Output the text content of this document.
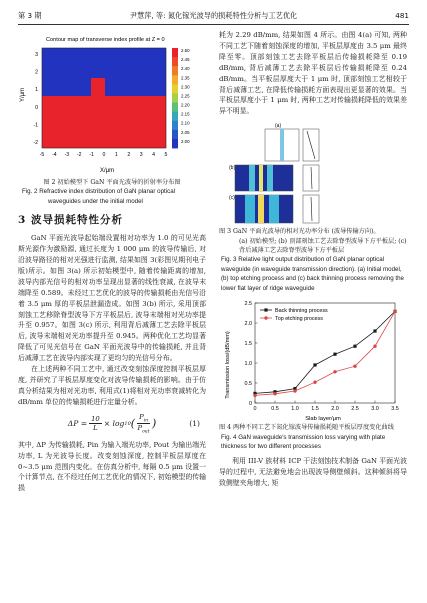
第 3 期	尹慧萍, 等: 氮化镓光波导的损耗特性分析与工艺优化	481
2.50
2.45
2.40
2.35
2.30
2.25
2.20
2.15
2.10
2.05
2.00
Contour map of transverse index profile at Z = 0
Y/μm
X/μm
-5 -4 -3 -2 -1 0 1 2 3 4 5
3
2
1
0
-1
-2
图 2 初始模型下 GaN 平面光波导的折射率分布图
Fig. 2 Refractive index distribution of GaN planar optical
waveguides under the initial model
3 波导损耗特性分析

GaN 平面光波导起始端设置相对功率为 1.0 的可见光高斯光源作为激励源, 通过长度为 1 000 μm 的波导传输后, 对沿波导路径的相对光强进行监测, 结果如图 3(彩图见期刊电子版)所示。如图 3(a) 所示初始模型中, 随着传输距离的增加, 波导内部光信号的相对功率呈现出显著的线性衰减, 在波导末端降至 0.589。未经过工艺优化的波导的传输损耗由光信号沿着 3.5 μm 厚的平板层泄漏造成。如图 3(b) 所示, 采用顶部刻蚀工艺移除脊型波导下方平板层后, 波导末端相对光功率提升至 0.957。如图 3(c) 所示, 利用背后减薄工艺去除平板层后, 波导末端相对光功率提升至 0.945。两种优化工艺均显著降低了可见光信号在 GaN 平面光波导中的传输损耗, 并且背后减薄工艺在波导内部实现了更均匀的光信号分布。

在上述两种不同工艺中, 通过改变刻蚀深度控制平板层厚度, 并研究了平板层厚度变化对波导传输损耗的影响。由于仿真分析结果为相对光功率, 利用式(1)将相对光功率衰减转化为 dB/mm 单位的传输损耗进行定量分析。

$\Delta P = \frac{10}{L} \times \log 10$ ( $\frac{P_{in}}{P_{out}}$ )	(1)

其中, ΔP 为传输损耗, Pin 为输入端光功率, Pout 为输出端光功率, L 为光波导长度。改变刻蚀深度, 控制平板层厚度在 0~3.5 μm 范围内变化。在仿真分析中, 每隔 0.5 μm 设置一个计算节点, 在不经过任何工艺优化的情况下, 初始模型的传输损

耗为 2.29 dB/mm, 结果如图 4 所示。由图 4(a) 可知, 两种不同工艺下随着刻蚀深度的增加, 平板层厚度由 3.5 μm 最终降至零。顶部刻蚀工艺去除平板层后传输损耗降至 0.19 dB/mm, 背后减薄工艺去除平板层后传输损耗降至 0.24 dB/mm。当平板层厚度大于 1 μm 时, 顶部刻蚀工艺相较于背后减薄工艺, 在降低传输损耗方面表现出更显著的效果。当平板层厚度小于 1 μm 时, 两种工艺对传输损耗降低的效果差异不明显。

(a)
(b)
(c)
图 3 GaN 平面光波导的相对光功率分布 (波导传输方向)。
(a) 初始模型; (b) 顶部刻蚀工艺去除脊型波导下方平板层; (c) 背后减薄工艺去除脊型波导下方平板层
Fig. 3 Relative light output distribution of GaN planar optical waveguide (in waveguide transmission direction). (a) Initial model, (b) top etching process and (c) back thinning process removing the lower flat layer of ridge waveguide
Transmission loss/(dB/mm)
Slab layer/μm
0	0.5 1.0 1.5 2.0 2.5 3.0 3.5
0
0.5
1.0
1.5
2.0
2.5
Back thinning process
Top etching process
图 4 两种不同工艺下氮化镓波导传输损耗随平板层厚度变化曲线
Fig. 4 GaN waveguide's transmission loss varying with plate thickness for two different processes

利用 III-V 族材料 ICP 干法刻蚀技术制备 GaN 平面光波导的过程中, 无法避免地会出现波导侧壁倾斜。这种倾斜将导致侧壁夹角增大, 矩
